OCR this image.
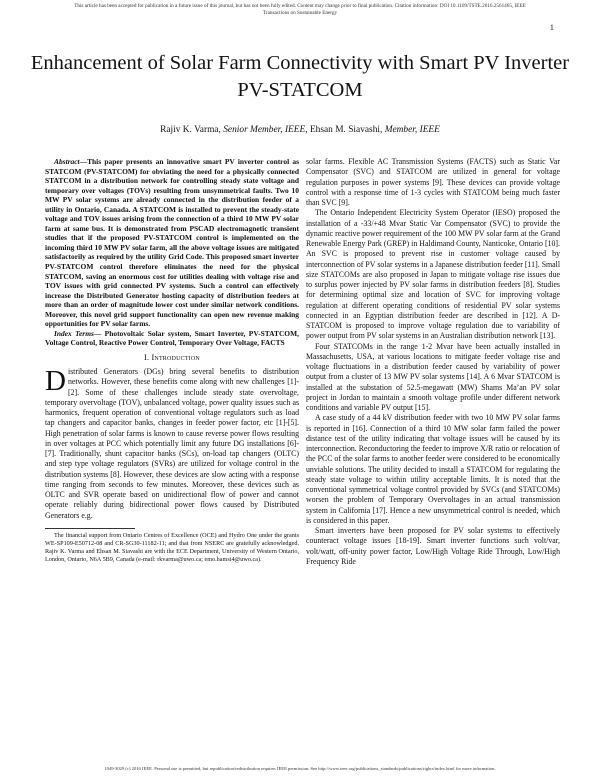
This article has been accepted for publication in a future issue of this journal, but has not been fully edited. Content may change prior to final publication. Citation information: DOI 10.1109/TSTE.2016.2561465, IEEE
Transactions on Sustainable Energy
1
Enhancement of Solar Farm Connectivity with Smart PV Inverter PV-STATCOM
Rajiv K. Varma, Senior Member, IEEE, Ehsan M. Siavashi, Member, IEEE

Abstract—This paper presents an innovative smart PV inverter control as STATCOM (PV-STATCOM) for obviating the need for a physically connected STATCOM in a distribution network for controlling steady state voltage and temporary over voltages (TOVs) resulting from unsymmetrical faults. Two 10 MW PV solar systems are already connected in the distribution feeder of a utility in Ontario, Canada. A STATCOM is installed to prevent the steady-state voltage and TOV issues arising from the connection of a third 10 MW PV solar farm at same bus. It is demonstrated from PSCAD electromagnetic transient studies that if the proposed PV-STATCOM control is implemented on the incoming third 10 MW PV solar farm, all the above voltage issues are mitigated satisfactorily as required by the utility Grid Code. This proposed smart inverter PV-STATCOM control therefore eliminates the need for the physical STATCOM, saving an enormous cost for utilities dealing with voltage rise and TOV issues with grid connected PV systems. Such a control can effectively increase the Distributed Generator hosting capacity of distribution feeders at more than an order of magnitude lower cost under similar network conditions. Moreover, this novel grid support functionality can open new revenue making opportunities for PV solar farms.

Index Terms— Photovoltaic Solar system, Smart Inverter, PV-STATCOM, Voltage Control, Reactive Power Control, Temporary Over Voltage, FACTS

I. Introduction

Distributed Generators (DGs) bring several benefits to distribution networks. However, these benefits come along with new challenges [1]-[2]. Some of these challenges include steady state overvoltage, temporary overvoltage (TOV), unbalanced voltage, power quality issues such as harmonics, frequent operation of conventional voltage regulators such as load tap changers and capacitor banks, changes in feeder power factor, etc [1]-[5]. High penetration of solar farms is known to cause reverse power flows resulting in over voltages at PCC which potentially limit any future DG installations [6]-[7]. Traditionally, shunt capacitor banks (SCs), on-load tap changers (OLTC) and step type voltage regulators (SVRs) are utilized for voltage control in the distribution systems [8]. However, these devices are slow acting with a response time ranging from seconds to few minutes. Moreover, these devices such as OLTC and SVR operate based on unidirectional flow of power and cannot operate reliably during bidirectional power flows caused by Distributed Generators e.g.

The financial support from Ontario Centres of Excellence (OCE) and Hydro One under the grants WE-SP109-E50712-08 and CR-SG30-11182-11; and that from NSERC are gratefully acknowledged. Rajiv K. Varma and Ehsan M. Siavashi are with the ECE Department, University of Western Ontario, London, Ontario, N6A 5B9, Canada (e-mail: rkvarma@uwo.ca; emo.hamsi4@uwo.ca).

solar farms. Flexible AC Transmission Systems (FACTS) such as Static Var Compensator (SVC) and STATCOM are utilized in general for voltage regulation purposes in power systems [9]. These devices can provide voltage control with a response time of 1-3 cycles with STATCOM being much faster than SVC [9].

The Ontario Independent Electricity System Operator (IESO) proposed the installation of a -33/+48 Mvar Static Var Compensator (SVC) to provide the dynamic reactive power requirement of the 100 MW PV solar farm at the Grand Renewable Energy Park (GREP) in Haldimand County, Nanticoke, Ontario [10]. An SVC is proposed to prevent rise in customer voltage caused by interconnection of PV solar systems in a Japanese distribution feeder [11]. Small size STATCOMs are also proposed in Japan to mitigate voltage rise issues due to surplus power injected by PV solar farms in distribution feeders [8]. Studies for determining optimal size and location of SVC for improving voltage regulation at different operating conditions of residential PV solar systems connected in an Egyptian distribution feeder are described in [12]. A D-STATCOM is proposed to improve voltage regulation due to variability of power output from PV solar systems in an Australian distribution network [13].

Four STATCOMs in the range 1-2 Mvar have been actually installed in Massachusetts, USA, at various locations to mitigate feeder voltage rise and voltage fluctuations in a distribution feeder caused by variability of power output from a cluster of 13 MW PV solar systems [14]. A 6 Mvar STATCOM is installed at the substation of 52.5-megawatt (MW) Shams Ma’an PV solar project in Jordan to maintain a smooth voltage profile under different network conditions and variable PV output [15].

A case study of a 44 kV distribution feeder with two 10 MW PV solar farms is reported in [16]. Connection of a third 10 MW solar farm failed the power distance test of the utility indicating that voltage issues will be caused by its interconnection. Reconductoring the feeder to improve X/R ratio or relocation of the PCC of the solar farms to another feeder were considered to be economically unviable solutions. The utility decided to install a STATCOM for regulating the steady state voltage to within utility acceptable limits. It is noted that the conventional symmetrical voltage control provided by SVCs (and STATCOMs) worsen the problem of Temporary Overvoltages in an actual transmission system in California [17]. Hence a new unsymmetrical control is needed, which is considered in this paper.

Smart inverters have been proposed for PV solar systems to effectively counteract voltage issues [18-19]. Smart inverter functions such volt/var, volt/watt, off-unity power factor, Low/High Voltage Ride Through, Low/High Frequency Ride

1949-3029 (c) 2016 IEEE. Personal use is permitted, but republication/redistribution requires IEEE permission. See http://www.ieee.org/publications_standards/publications/rights/index.html for more information.
